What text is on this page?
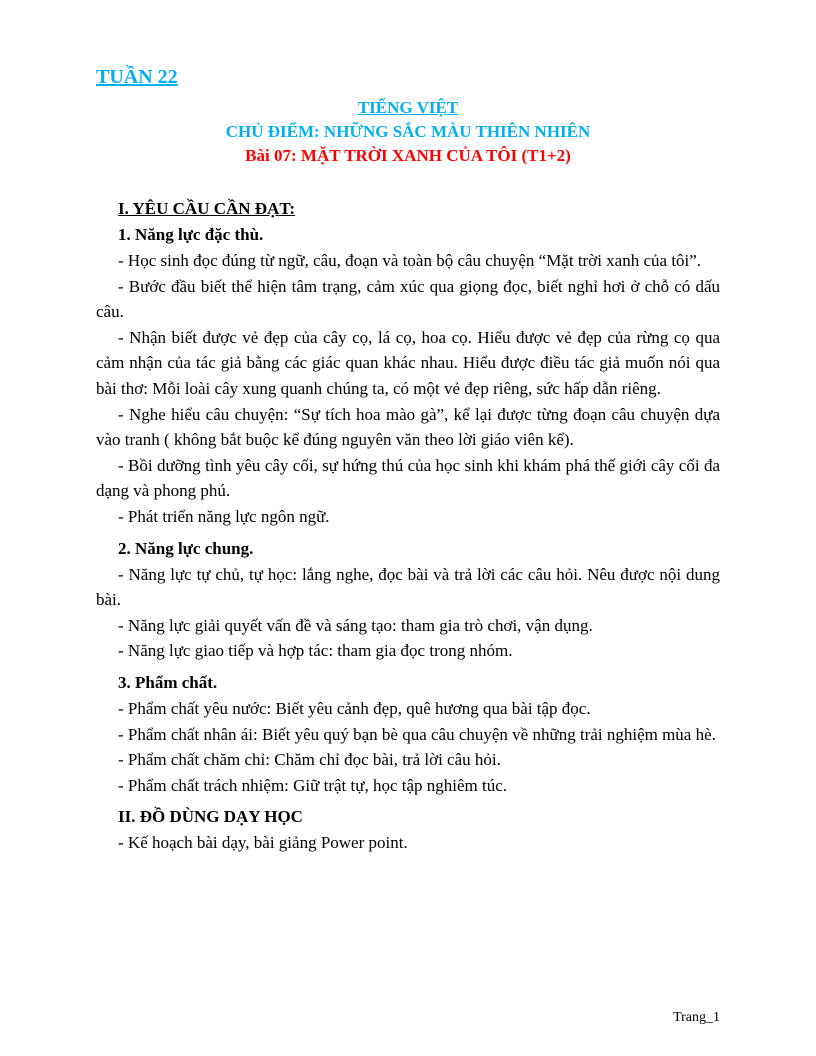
TUẦN 22

TIẾNG VIỆT

CHỦ ĐIỂM: NHỮNG SẮC MÀU THIÊN NHIÊN

Bài 07: MẶT TRỜI XANH CỦA TÔI (T1+2)

I. YÊU CẦU CẦN ĐẠT:

1. Năng lực đặc thù.

- Học sinh đọc đúng từ ngữ, câu, đoạn và toàn bộ câu chuyện “Mặt trời xanh của tôi”.

- Bước đầu biết thể hiện tâm trạng, cảm xúc qua giọng đọc, biết nghỉ hơi ở chỗ có dấu câu.

- Nhận biết được vẻ đẹp của cây cọ, lá cọ, hoa cọ. Hiểu được vẻ đẹp của rừng cọ qua cảm nhận của tác giả bằng các giác quan khác nhau. Hiểu được điều tác giả muốn nói qua bài thơ: Mỗi loài cây xung quanh chúng ta, có một vẻ đẹp riêng, sức hấp dẫn riêng.

- Nghe hiểu câu chuyện: “Sự tích hoa mào gà”, kể lại được từng đoạn câu chuyện dựa vào tranh ( không bắt buộc kể đúng nguyên văn theo lời giáo viên kể).

- Bồi dưỡng tình yêu cây cối, sự hứng thú của học sinh khi khám phá thế giới cây cối đa dạng và phong phú.

- Phát triển năng lực ngôn ngữ.

2. Năng lực chung.

- Năng lực tự chủ, tự học: lắng nghe, đọc bài và trả lời các câu hỏi. Nêu được nội dung bài.

- Năng lực giải quyết vấn đề và sáng tạo: tham gia trò chơi, vận dụng.

- Năng lực giao tiếp và hợp tác: tham gia đọc trong nhóm.

3. Phẩm chất.

- Phẩm chất yêu nước: Biết yêu cảnh đẹp, quê hương qua bài tập đọc.

- Phẩm chất nhân ái: Biết yêu quý bạn bè qua câu chuyện về những trải nghiệm mùa hè.

- Phẩm chất chăm chỉ: Chăm chỉ đọc bài, trả lời câu hỏi.

- Phẩm chất trách nhiệm: Giữ trật tự, học tập nghiêm túc.

II. ĐỒ DÙNG DẠY HỌC

- Kế hoạch bài dạy, bài giảng Power point.

Trang_1
